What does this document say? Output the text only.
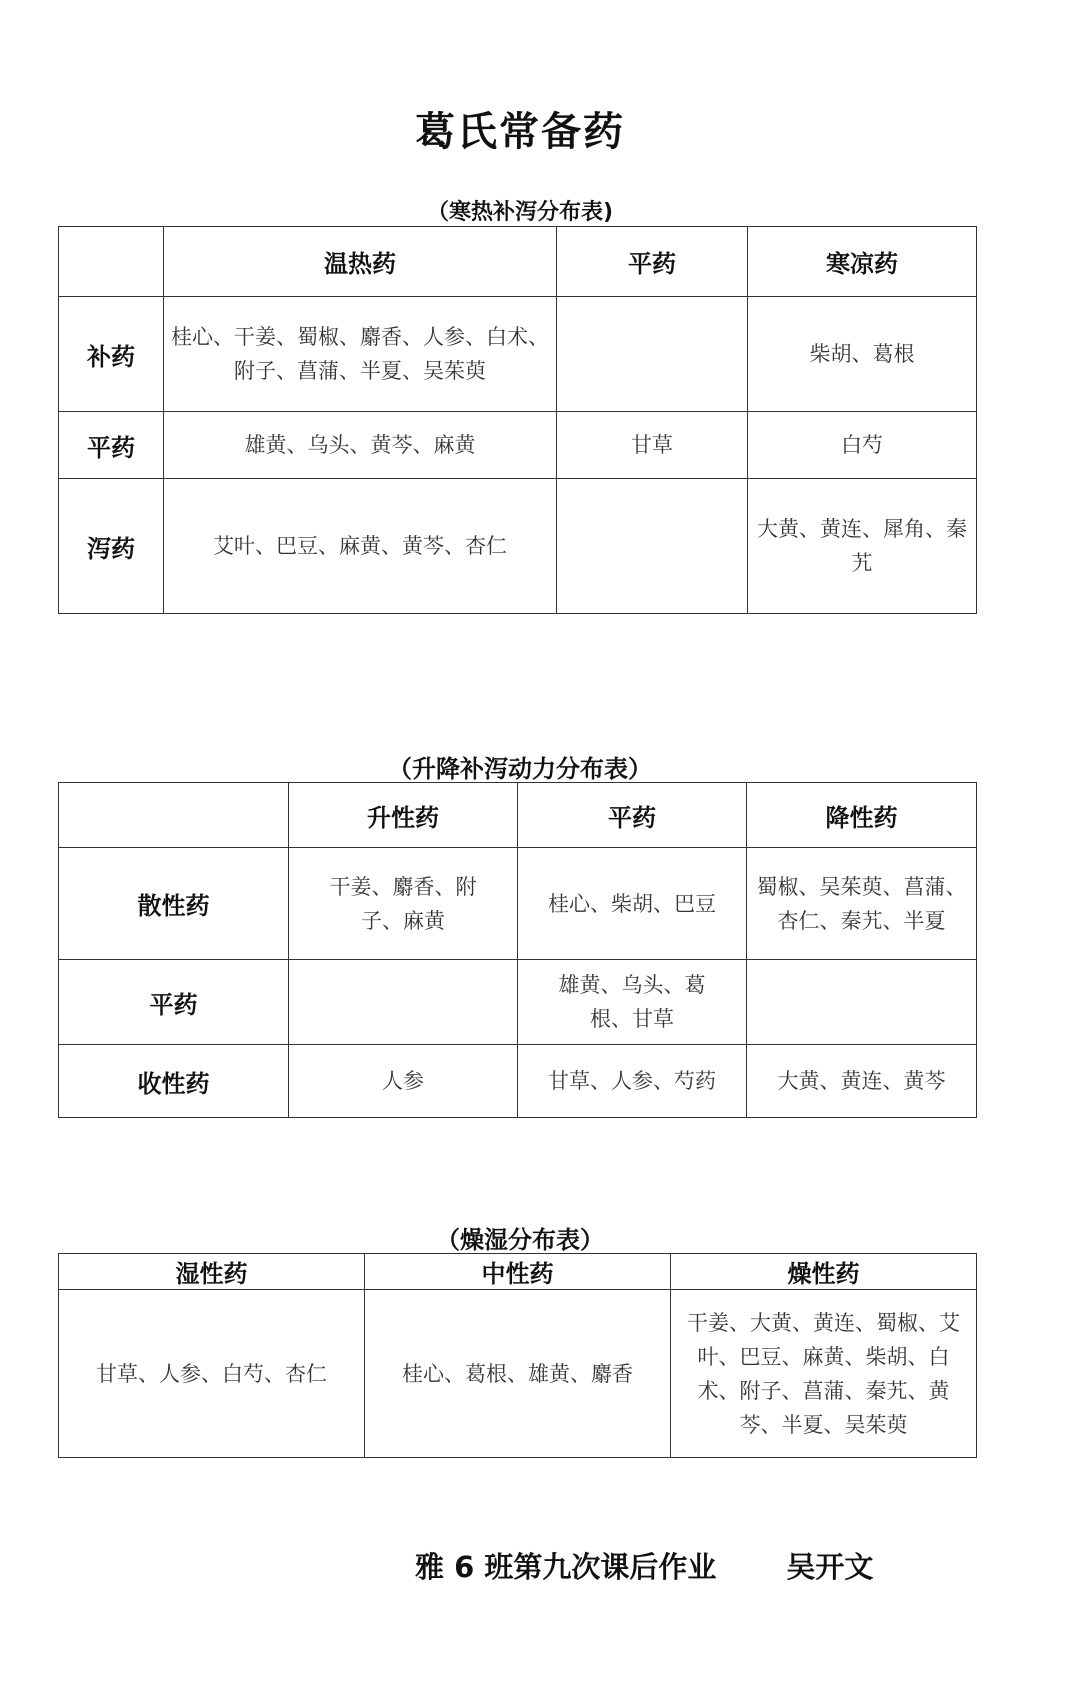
葛氏常备药
（寒热补泻分布表)
	温热药	平药	寒凉药
补药	桂心、干姜、蜀椒、麝香、人参、白术、附子、菖蒲、半夏、吴茱萸		柴胡、葛根
平药	雄黄、乌头、黄芩、麻黄	甘草	白芍
泻药	艾叶、巴豆、麻黄、黄芩、杏仁		大黄、黄连、犀角、秦艽
（升降补泻动力分布表）
	升性药	平药	降性药
散性药	干姜、麝香、附子、麻黄	桂心、柴胡、巴豆	蜀椒、吴茱萸、菖蒲、杏仁、秦艽、半夏
平药		雄黄、乌头、葛根、甘草	
收性药	人参	甘草、人参、芍药	大黄、黄连、黄芩
（燥湿分布表）
湿性药	中性药	燥性药
甘草、人参、白芍、杏仁	桂心、葛根、雄黄、麝香	干姜、大黄、黄连、蜀椒、艾叶、巴豆、麻黄、柴胡、白术、附子、菖蒲、秦艽、黄芩、半夏、吴茱萸
雅 6 班第九次课后作业 吴开文
